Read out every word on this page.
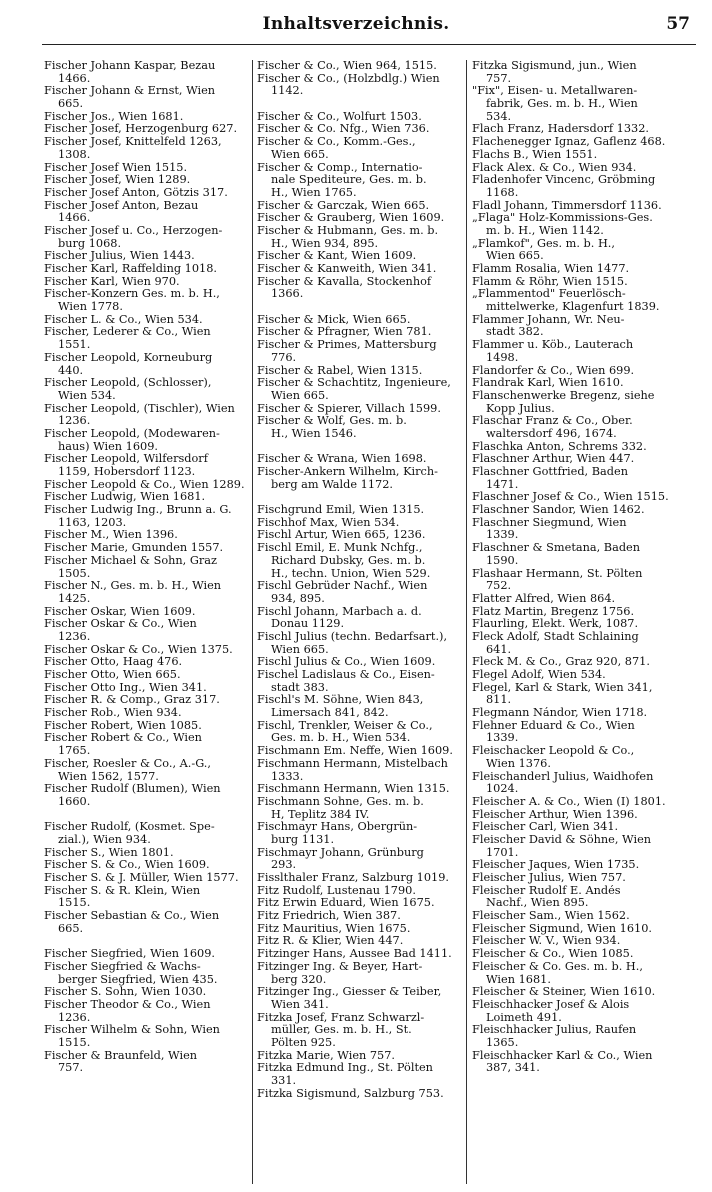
Inhaltsverzeichnis.	57
Fischer Johann Kaspar, Bezau
1466.
Fischer Johann & Ernst, Wien
665.
Fischer Jos., Wien 1681.
Fischer Josef, Herzogenburg 627.
Fischer Josef, Knittelfeld 1263,
1308.
Fischer Josef Wien 1515.
Fischer Josef, Wien 1289.
Fischer Josef Anton, Götzis 317.
Fischer Josef Anton, Bezau
1466.
Fischer Josef u. Co., Herzogen-
burg 1068.
Fischer Julius, Wien 1443.
Fischer Karl, Raffelding 1018.
Fischer Karl, Wien 970.
Fischer-Konzern Ges. m. b. H.,
Wien 1778.
Fischer L. & Co., Wien 534.
Fischer, Lederer & Co., Wien
1551.
Fischer Leopold, Korneuburg
440.
Fischer Leopold, (Schlosser),
Wien 534.
Fischer Leopold, (Tischler), Wien
1236.
Fischer Leopold, (Modewaren-
haus) Wien 1609.
Fischer Leopold, Wilfersdorf
1159, Hobersdorf 1123.
Fischer Leopold & Co., Wien 1289.
Fischer Ludwig, Wien 1681.
Fischer Ludwig Ing., Brunn a. G.
1163, 1203.
Fischer M., Wien 1396.
Fischer Marie, Gmunden 1557.
Fischer Michael & Sohn, Graz
1505.
Fischer N., Ges. m. b. H., Wien
1425.
Fischer Oskar, Wien 1609.
Fischer Oskar & Co., Wien
1236.
Fischer Oskar & Co., Wien 1375.
Fischer Otto, Haag 476.
Fischer Otto, Wien 665.
Fischer Otto Ing., Wien 341.
Fischer R. & Comp., Graz 317.
Fischer Rob., Wien 934.
Fischer Robert, Wien 1085.
Fischer Robert & Co., Wien
1765.
Fischer, Roesler & Co., A.-G.,
Wien 1562, 1577.
Fischer Rudolf (Blumen), Wien
1660.
Fischer Rudolf, (Kosmet. Spe-
zial.), Wien 934.
Fischer S., Wien 1801.
Fischer S. & Co., Wien 1609.
Fischer S. & J. Müller, Wien 1577.
Fischer S. & R. Klein, Wien
1515.
Fischer Sebastian & Co., Wien
665.
Fischer Siegfried, Wien 1609.
Fischer Siegfried & Wachs-
berger Siegfried, Wien 435.
Fischer S. Sohn, Wien 1030.
Fischer Theodor & Co., Wien
1236.
Fischer Wilhelm & Sohn, Wien
1515.
Fischer & Braunfeld, Wien
757.
Fischer & Co., Wien 964, 1515.
Fischer & Co., (Holzbdlg.) Wien
1142.
Fischer & Co., Wolfurt 1503.
Fischer & Co. Nfg., Wien 736.
Fischer & Co., Komm.-Ges.,
Wien 665.
Fischer & Comp., Internatio-
nale Spediteure, Ges. m. b.
H., Wien 1765.
Fischer & Garczak, Wien 665.
Fischer & Grauberg, Wien 1609.
Fischer & Hubmann, Ges. m. b.
H., Wien 934, 895.
Fischer & Kant, Wien 1609.
Fischer & Kanweith, Wien 341.
Fischer & Kavalla, Stockenhof
1366.
Fischer & Mick, Wien 665.
Fischer & Pfragner, Wien 781.
Fischer & Primes, Mattersburg
776.
Fischer & Rabel, Wien 1315.
Fischer & Schachtitz, Ingenieure,
Wien 665.
Fischer & Spierer, Villach 1599.
Fischer & Wolf, Ges. m. b.
H., Wien 1546.
Fischer & Wrana, Wien 1698.
Fischer-Ankern Wilhelm, Kirch-
berg am Walde 1172.
Fischgrund Emil, Wien 1315.
Fischhof Max, Wien 534.
Fischl Artur, Wien 665, 1236.
Fischl Emil, E. Munk Nchfg.,
Richard Dubsky, Ges. m. b.
H., techn. Union, Wien 529.
Fischl Gebrüder Nachf., Wien
934, 895.
Fischl Johann, Marbach a. d.
Donau 1129.
Fischl Julius (techn. Bedarfsart.),
Wien 665.
Fischl Julius & Co., Wien 1609.
Fischel Ladislaus & Co., Eisen-
stadt 383.
Fischl's M. Söhne, Wien 843,
Limersach 841, 842.
Fischl, Trenkler, Weiser & Co.,
Ges. m. b. H., Wien 534.
Fischmann Em. Neffe, Wien 1609.
Fischmann Hermann, Mistelbach
1333.
Fischmann Hermann, Wien 1315.
Fischmann Sohne, Ges. m. b.
H, Teplitz 384 IV.
Fischmayr Hans, Obergrün-
burg 1131.
Fischmayr Johann, Grünburg
293.
Fisslthaler Franz, Salzburg 1019.
Fitz Rudolf, Lustenau 1790.
Fitz Erwin Eduard, Wien 1675.
Fitz Friedrich, Wien 387.
Fitz Mauritius, Wien 1675.
Fitz R. & Klier, Wien 447.
Fitzinger Hans, Aussee Bad 1411.
Fitzinger Ing. & Beyer, Hart-
berg 320.
Fitzinger Ing., Giesser & Teiber,
Wien 341.
Fitzka Josef, Franz Schwarzl-
müller, Ges. m. b. H., St.
Pölten 925.
Fitzka Marie, Wien 757.
Fitzka Edmund Ing., St. Pölten
331.
Fitzka Sigismund, Salzburg 753.
Fitzka Sigismund, jun., Wien
757.
"Fix", Eisen- u. Metallwaren-
fabrik, Ges. m. b. H., Wien
534.
Flach Franz, Hadersdorf 1332.
Flachenegger Ignaz, Gaflenz 468.
Flachs B., Wien 1551.
Flack Alex. & Co., Wien 934.
Fladenhofer Vincenc, Gröbming
1168.
Fladl Johann, Timmersdorf 1136.
„Flaga" Holz-Kommissions-Ges.
m. b. H., Wien 1142.
„Flamkof", Ges. m. b. H.,
Wien 665.
Flamm Rosalia, Wien 1477.
Flamm & Röhr, Wien 1515.
„Flammentod" Feuerlösch-
mittelwerke, Klagenfurt 1839.
Flammer Johann, Wr. Neu-
stadt 382.
Flammer u. Köb., Lauterach
1498.
Flandorfer & Co., Wien 699.
Flandrak Karl, Wien 1610.
Flanschenwerke Bregenz, siehe
Kopp Julius.
Flaschar Franz & Co., Ober.
waltersdorf 496, 1674.
Flaschka Anton, Schrems 332.
Flaschner Arthur, Wien 447.
Flaschner Gottfried, Baden
1471.
Flaschner Josef & Co., Wien 1515.
Flaschner Sandor, Wien 1462.
Flaschner Siegmund, Wien
1339.
Flaschner & Smetana, Baden
1590.
Flashaar Hermann, St. Pölten
752.
Flatter Alfred, Wien 864.
Flatz Martin, Bregenz 1756.
Flaurling, Elekt. Werk, 1087.
Fleck Adolf, Stadt Schlaining
641.
Fleck M. & Co., Graz 920, 871.
Flegel Adolf, Wien 534.
Flegel, Karl & Stark, Wien 341,
811.
Flegmann Nándor, Wien 1718.
Flehner Eduard & Co., Wien
1339.
Fleischacker Leopold & Co.,
Wien 1376.
Fleischanderl Julius, Waidhofen
1024.
Fleischer A. & Co., Wien (I) 1801.
Fleischer Arthur, Wien 1396.
Fleischer Carl, Wien 341.
Fleischer David & Söhne, Wien
1701.
Fleischer Jaques, Wien 1735.
Fleischer Julius, Wien 757.
Fleischer Rudolf E. Andés
Nachf., Wien 895.
Fleischer Sam., Wien 1562.
Fleischer Sigmund, Wien 1610.
Fleischer W. V., Wien 934.
Fleischer & Co., Wien 1085.
Fleischer & Co. Ges. m. b. H.,
Wien 1681.
Fleischer & Steiner, Wien 1610.
Fleischhacker Josef & Alois
Loimeth 491.
Fleischhacker Julius, Raufen
1365.
Fleischhacker Karl & Co., Wien
387, 341.
